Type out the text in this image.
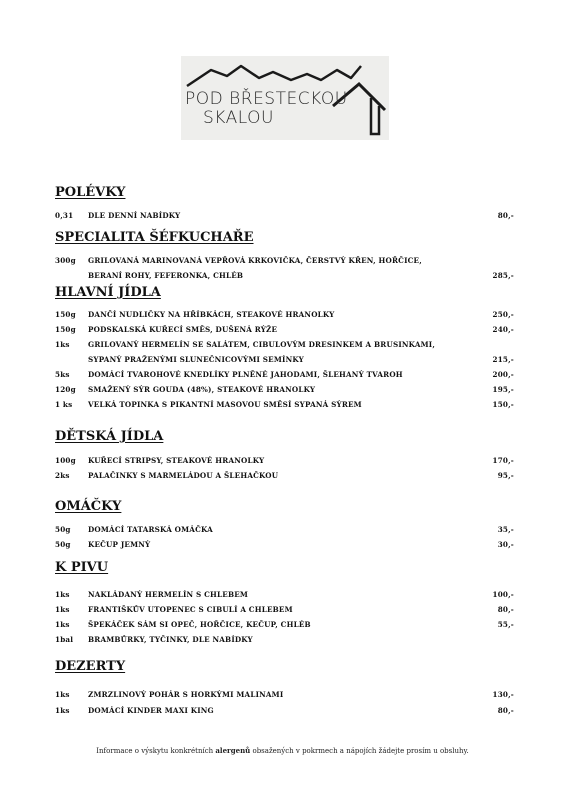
POD BŘESTECKOU
SKALOU
POLÉVKY
0,31 DLE DENNÍ NABÍDKY	80,-
SPECIALITA ŠÉFKUCHAŘE
300g GRILOVANÁ MARINOVANÁ VEPŘOVÁ KRKOVIČKA, ČERSTVÝ KŘEN, HOŘČICE,
BERANÍ ROHY, FEFERONKA, CHLÉB	285,-
HLAVNÍ JÍDLA
150g DANČÍ NUDLIČKY NA HŘÍBKÁCH, STEAKOVÉ HRANOLKY	250,-
150g PODSKALSKÁ KUŘECÍ SMĚS, DUŠENÁ RÝŽE	240,-
1ks	GRILOVANÝ HERMELÍN SE SALÁTEM, CIBULOVÝM DRESINKEM A BRUSINKAMI,
SYPANÝ PRAŽENÝMI SLUNEČNICOVÝMI SEMÍNKY	215,-
5ks	DOMÁCÍ TVAROHOVÉ KNEDLÍKY PLNĚNÉ JAHODAMI, ŠLEHANÝ TVAROH	200,-
120g SMAŽENÝ SÝR GOUDA (48%), STEAKOVÉ HRANOLKY	195,-
1 ks VELKÁ TOPINKA S PIKANTNÍ MASOVOU SMĚSÍ SYPANÁ SÝREM	150,-
DĚTSKÁ JÍDLA
100g KUŘECÍ STRIPSY, STEAKOVÉ HRANOLKY	170,-
2ks	PALAČINKY S MARMELÁDOU A ŠLEHAČKOU	95,-
OMÁČKY
50g DOMÁCÍ TATARSKÁ OMÁČKA	35,-
50g KEČUP JEMNÝ	30,-
K PIVU
1ks	NAKLÁDANÝ HERMELÍN S CHLEBEM	100,-
1ks	FRANTIŠKŮV UTOPENEC S CIBULÍ A CHLEBEM	80,-
1ks	ŠPEKÁČEK SÁM SI OPEČ, HOŘČICE, KEČUP, CHLÉB	55,-
1bal BRAMBŮRKY, TYČINKY, DLE NABÍDKY
DEZERTY
1ks	ZMRZLINOVÝ POHÁR S HORKÝMI MALINAMI	130,-
1ks	DOMÁCÍ KINDER MAXI KING	80,-
Informace o výskytu konkrétních alergenů obsažených v pokrmech a nápojích žádejte prosím u obsluhy.
